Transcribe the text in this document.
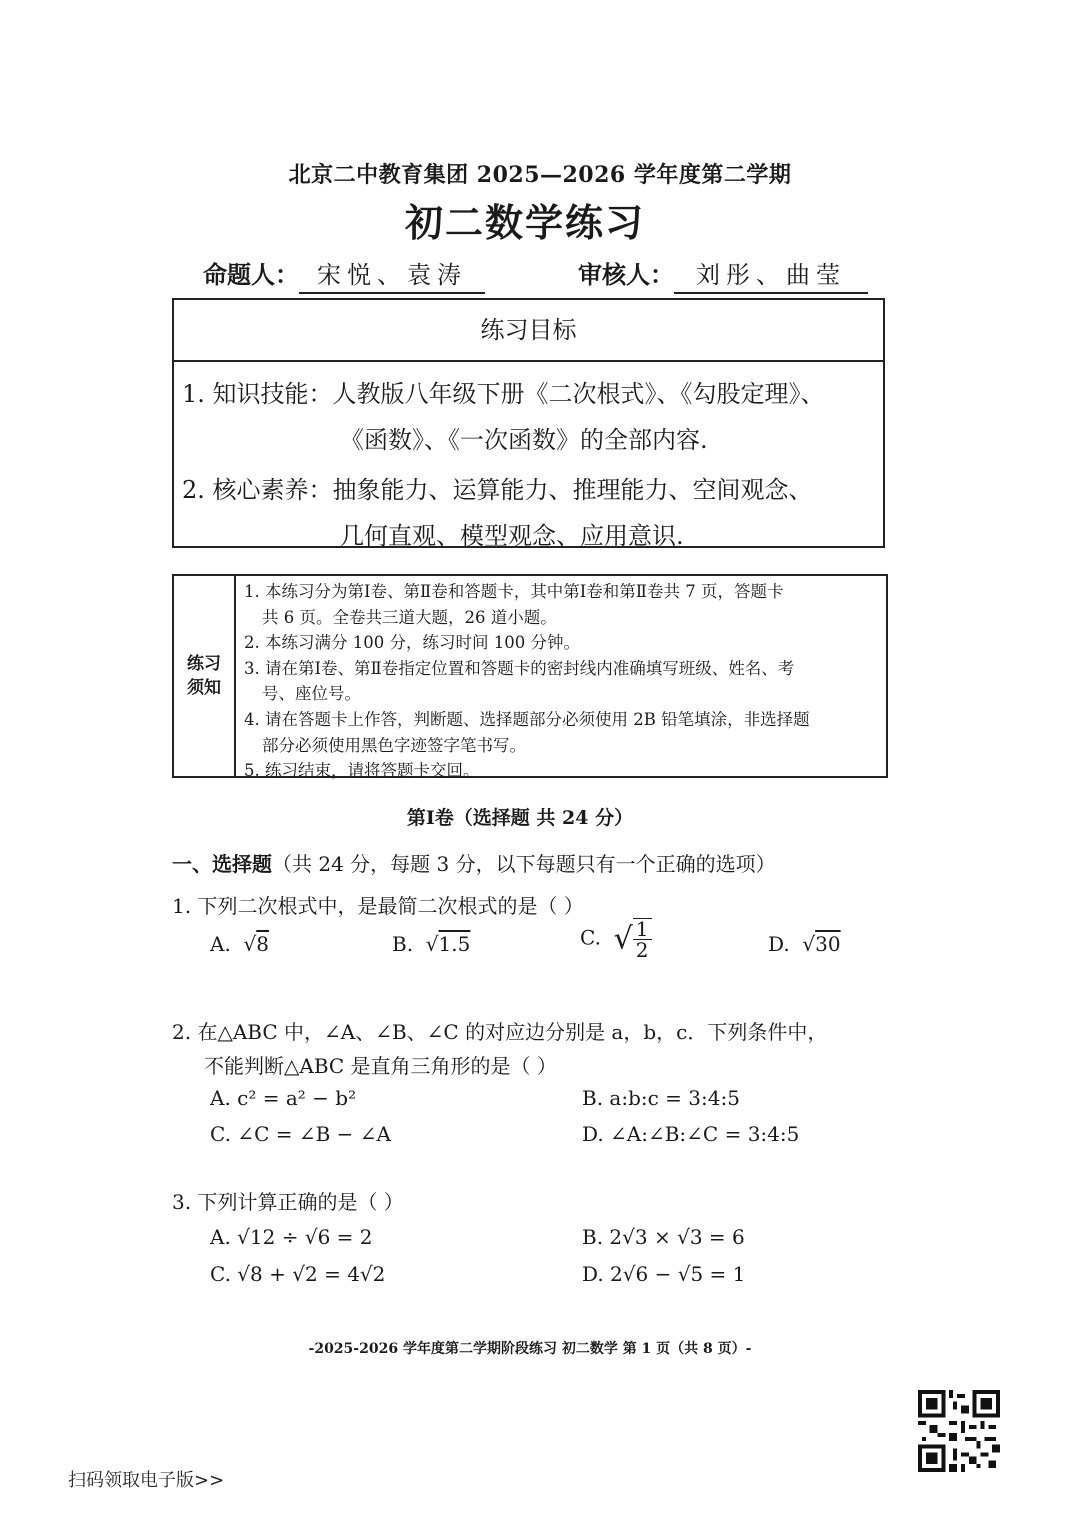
北京二中教育集团 2025—2026 学年度第二学期
初二数学练习
命题人： 宋悦、袁涛	审核人： 刘彤、曲莹
练习目标
1. 知识技能：人教版八年级下册《二次根式》、《勾股定理》、
《函数》、《一次函数》的全部内容.
2. 核心素养：抽象能力、运算能力、推理能力、空间观念、
几何直观、模型观念、应用意识.
练习
须知
1. 本练习分为第Ⅰ卷、第Ⅱ卷和答题卡，其中第Ⅰ卷和第Ⅱ卷共 7 页，答题卡
共 6 页。全卷共三道大题，26 道小题。
2. 本练习满分 100 分，练习时间 100 分钟。
3. 请在第Ⅰ卷、第Ⅱ卷指定位置和答题卡的密封线内准确填写班级、姓名、考
号、座位号。
4. 请在答题卡上作答，判断题、选择题部分必须使用 2B 铅笔填涂，非选择题
部分必须使用黑色字迹签字笔书写。
5. 练习结束，请将答题卡交回。
第Ⅰ卷（选择题 共 24 分）
一、选择题（共 24 分，每题 3 分，以下每题只有一个正确的选项）
1. 下列二次根式中，是最简二次根式的是（ ）
A.  √8	B.  √1.5	C. √ $\frac{1}{2}$	D.  √30
2. 在△ABC 中，∠A、∠B、∠C 的对应边分别是 a，b，c．下列条件中，
不能判断△ABC 是直角三角形的是（ ）
A. c² = a² − b²	B. a:b:c = 3:4:5
C. ∠C = ∠B − ∠A	D. ∠A:∠B:∠C = 3:4:5
3. 下列计算正确的是（ ）
A. √12 ÷ √6 = 2	B. 2√3 × √3 = 6
C. √8 + √2 = 4√2	D. 2√6 − √5 = 1
-2025-2026 学年度第二学期阶段练习 初二数学 第 1 页（共 8 页）-
扫码领取电子版>>
